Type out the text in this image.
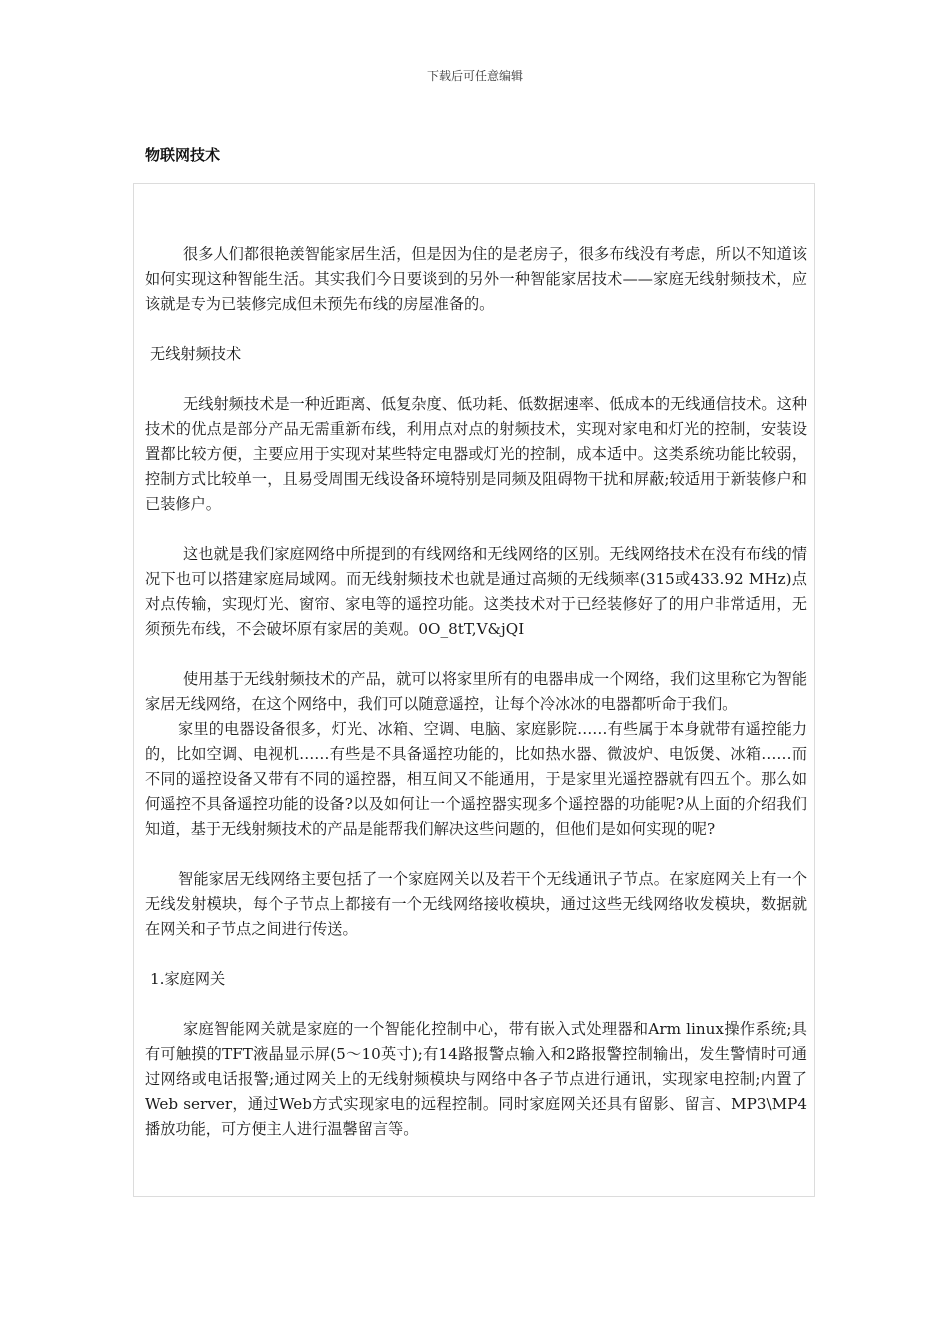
下载后可任意编辑
物联网技术

很多人们都很艳羡智能家居生活，但是因为住的是老房子，很多布线没有考虑，所以不知道该如何实现这种智能生活。其实我们今日要谈到的另外一种智能家居技术——家庭无线射频技术，应该就是专为已装修完成但未预先布线的房屋准备的。

无线射频技术

无线射频技术是一种近距离、低复杂度、低功耗、低数据速率、低成本的无线通信技术。这种技术的优点是部分产品无需重新布线，利用点对点的射频技术，实现对家电和灯光的控制，安装设置都比较方便，主要应用于实现对某些特定电器或灯光的控制，成本适中。这类系统功能比较弱，控制方式比较单一，且易受周围无线设备环境特别是同频及阻碍物干扰和屏蔽;较适用于新装修户和已装修户。

这也就是我们家庭网络中所提到的有线网络和无线网络的区别。无线网络技术在没有布线的情况下也可以搭建家庭局域网。而无线射频技术也就是通过高频的无线频率(315或433.92 MHz)点对点传输，实现灯光、窗帘、家电等的遥控功能。这类技术对于已经装修好了的用户非常适用，无须预先布线，不会破坏原有家居的美观。0O_8tT,V&jQI

使用基于无线射频技术的产品，就可以将家里所有的电器串成一个网络，我们这里称它为智能家居无线网络，在这个网络中，我们可以随意遥控，让每个冷冰冰的电器都听命于我们。

家里的电器设备很多，灯光、冰箱、空调、电脑、家庭影院……有些属于本身就带有遥控能力的，比如空调、电视机……有些是不具备遥控功能的，比如热水器、微波炉、电饭煲、冰箱……而不同的遥控设备又带有不同的遥控器，相互间又不能通用，于是家里光遥控器就有四五个。那么如何遥控不具备遥控功能的设备?以及如何让一个遥控器实现多个遥控器的功能呢?从上面的介绍我们知道，基于无线射频技术的产品是能帮我们解决这些问题的，但他们是如何实现的呢?

智能家居无线网络主要包括了一个家庭网关以及若干个无线通讯子节点。在家庭网关上有一个无线发射模块，每个子节点上都接有一个无线网络接收模块，通过这些无线网络收发模块，数据就在网关和子节点之间进行传送。

1.家庭网关

家庭智能网关就是家庭的一个智能化控制中心，带有嵌入式处理器和Arm linux操作系统;具有可触摸的TFT液晶显示屏(5～10英寸);有14路报警点输入和2路报警控制输出，发生警情时可通过网络或电话报警;通过网关上的无线射频模块与网络中各子节点进行通讯，实现家电控制;内置了Web server，通过Web方式实现家电的远程控制。同时家庭网关还具有留影、留言、MP3\MP4播放功能，可方便主人进行温馨留言等。
